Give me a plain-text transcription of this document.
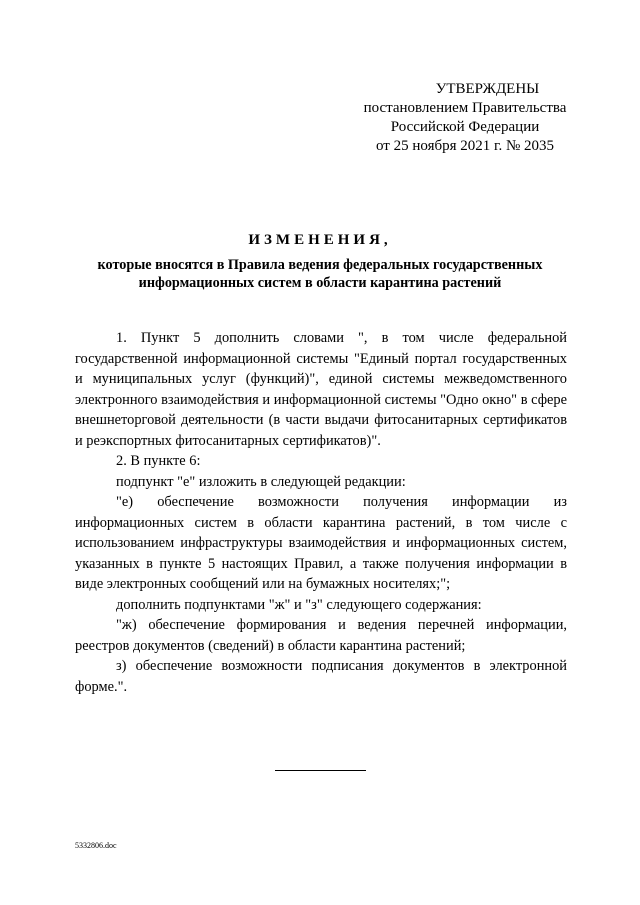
УТВЕРЖДЕНЫ
постановлением Правительства
Российской Федерации
от 25 ноября 2021 г. № 2035

ИЗМЕНЕНИЯ,

которые вносятся в Правила ведения федеральных государственных
информационных систем в области карантина растений

1. Пункт 5 дополнить словами ", в том числе федеральной государственной информационной системы "Единый портал государственных и муниципальных услуг (функций)", единой системы межведомственного электронного взаимодействия и информационной системы "Одно окно" в сфере внешнеторговой деятельности (в части выдачи фитосанитарных сертификатов и реэкспортных фитосанитарных сертификатов)".

2. В пункте 6:

подпункт "е" изложить в следующей редакции:

"е) обеспечение возможности получения информации из информационных систем в области карантина растений, в том числе с использованием инфраструктуры взаимодействия и информационных систем, указанных в пункте 5 настоящих Правил, а также получения информации в виде электронных сообщений или на бумажных носителях;";

дополнить подпунктами "ж" и "з" следующего содержания:

"ж) обеспечение формирования и ведения перечней информации, реестров документов (сведений) в области карантина растений;

з) обеспечение возможности подписания документов в электронной форме.".

5332806.doc
